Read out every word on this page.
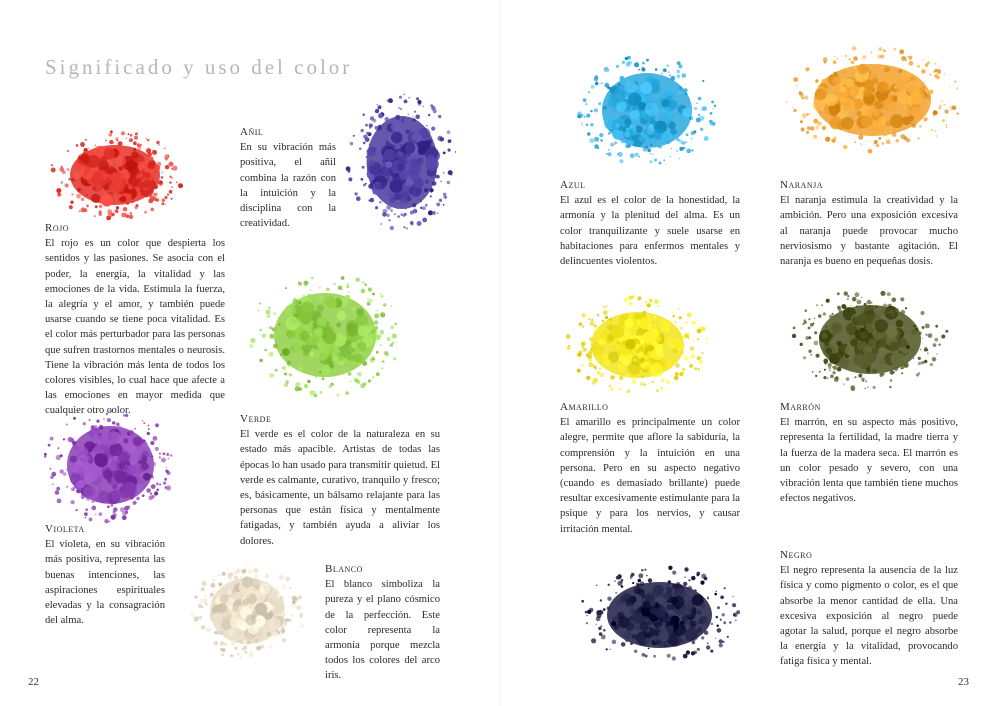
Significado y uso del color
Rojo
El rojo es un color que despierta los sentidos y las pasiones. Se asocia con el poder, la energía, la vitalidad y las emociones de la vida. Estimula la fuerza, la alegría y el amor, y también puede usarse cuando se tiene poca vitalidad. Es el color más perturbador para las personas que sufren trastornos mentales o neurosis. Tiene la vibración más lenta de todos los colores visibles, lo cual hace que afecte a las emociones en mayor medida que cualquier otro color.
Añil
En su vibración más positiva, el añil combina la razón con la intuición y la disciplina con la creatividad.
Verde
El verde es el color de la naturaleza en su estado más apacible. Artistas de todas las épocas lo han usado para transmitir quietud. El verde es calmante, curativo, tranquilo y fresco; es, básicamente, un bálsamo relajante para las personas que están física y mentalmente fatigadas, y también ayuda a aliviar los dolores.
Violeta
El violeta, en su vibración más positiva, representa las buenas intenciones, las aspiraciones espirituales elevadas y la consagración del alma.
Blanco
El blanco simboliza la pureza y el plano cósmico de la perfección. Este color representa la armonía porque mezcla todos los colores del arco iris.
Azul
El azul es el color de la honestidad, la armonía y la plenitud del alma. Es un color tranquilizante y suele usarse en habitaciones para enfermos mentales y delincuentes violentos.
Naranja
El naranja estimula la creatividad y la ambición. Pero una exposición excesiva al naranja puede provocar mucho nerviosismo y bastante agitación. El naranja es bueno en pequeñas dosis.
Amarillo
El amarillo es principalmente un color alegre, permite que aflore la sabiduría, la comprensión y la intuición en una persona. Pero en su aspecto negativo (cuando es demasiado brillante) puede resultar excesivamente estimulante para la psique y para los nervios, y causar irritación mental.
Marrón
El marrón, en su aspecto más positivo, representa la fertilidad, la madre tierra y la fuerza de la madera seca. El marrón es un color pesado y severo, con una vibración lenta que también tiene muchos efectos negativos.
Negro
El negro representa la ausencia de la luz física y como pigmento o color, es el que absorbe la menor cantidad de ella. Una excesiva exposición al negro puede agotar la salud, porque el negro absorbe la energía y la vitalidad, provocando fatiga física y mental.
22	23
